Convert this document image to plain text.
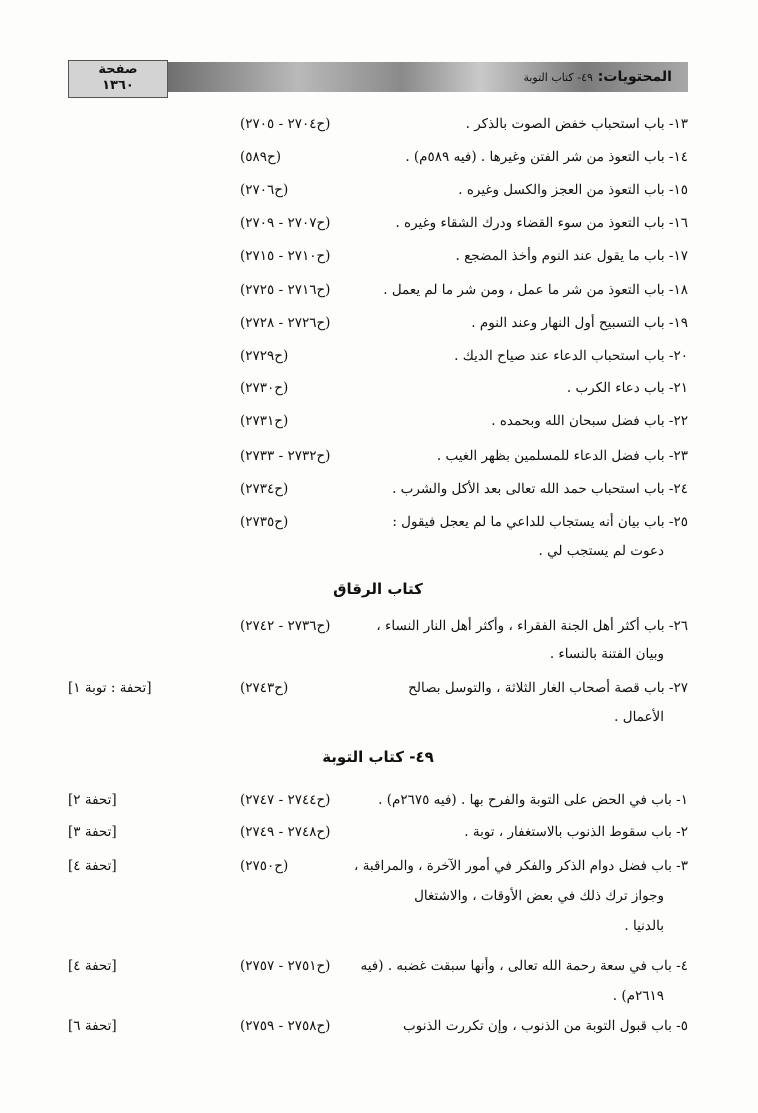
المحتويات: ٤٩- كتاب التوبة
صفحة
١٣٦٠
١٣- باب استحباب خفض الصوت بالذكر .
(ح٢٧٠٤ - ٢٧٠٥)
١٤- باب التعوذ من شر الفتن وغيرها . (فيه ٥٨٩م) .
(ح٥٨٩)
١٥- باب التعوذ من العجز والكسل وغيره .
(ح٢٧٠٦)
١٦- باب التعوذ من سوء القضاء ودرك الشقاء وغيره .
(ح٢٧٠٧ - ٢٧٠٩)
١٧- باب ما يقول عند النوم وأخذ المضجع .
(ح٢٧١٠ - ٢٧١٥)
١٨- باب التعوذ من شر ما عمل ، ومن شر ما لم يعمل .
(ح٢٧١٦ - ٢٧٢٥)
١٩- باب التسبيح أول النهار وعند النوم .
(ح٢٧٢٦ - ٢٧٢٨)
٢٠- باب استحباب الدعاء عند صياح الديك .
(ح٢٧٢٩)
٢١- باب دعاء الكرب .
(ح٢٧٣٠)
٢٢- باب فضل سبحان الله وبحمده .
(ح٢٧٣١)
٢٣- باب فضل الدعاء للمسلمين بظهر الغيب .
(ح٢٧٣٢ - ٢٧٣٣)
٢٤- باب استحباب حمد الله تعالى بعد الأكل والشرب .
(ح٢٧٣٤)
٢٥- باب بيان أنه يستجاب للداعي ما لم يعجل فيقول :
(ح٢٧٣٥)
دعوت لم يستجب لي .
كتاب الرقاق
٢٦- باب أكثر أهل الجنة الفقراء ، وأكثر أهل النار النساء ،
(ح٢٧٣٦ - ٢٧٤٢)
وبيان الفتنة بالنساء .
٢٧- باب قصة أصحاب الغار الثلاثة ، والتوسل بصالح
(ح٢٧٤٣)
[تحفة : توبة ١]
الأعمال .
٤٩- كتاب التوبة
١- باب في الحض على التوبة والفرح بها . (فيه ٢٦٧٥م) .
(ح٢٧٤٤ - ٢٧٤٧)
[تحفة ٢]
٢- باب سقوط الذنوب بالاستغفار ، توبة .
(ح٢٧٤٨ - ٢٧٤٩)
[تحفة ٣]
٣- باب فضل دوام الذكر والفكر في أمور الآخرة ، والمراقبة ،
(ح٢٧٥٠)
[تحفة ٤]
وجواز ترك ذلك في بعض الأوقات ، والاشتغال
بالدنيا .
٤- باب في سعة رحمة الله تعالى ، وأنها سبقت غضبه . (فيه
(ح٢٧٥١ - ٢٧٥٧)
[تحفة ٤]
٢٦١٩م) .
٥- باب قبول التوبة من الذنوب ، وإن تكررت الذنوب
(ح٢٧٥٨ - ٢٧٥٩)
[تحفة ٦]
